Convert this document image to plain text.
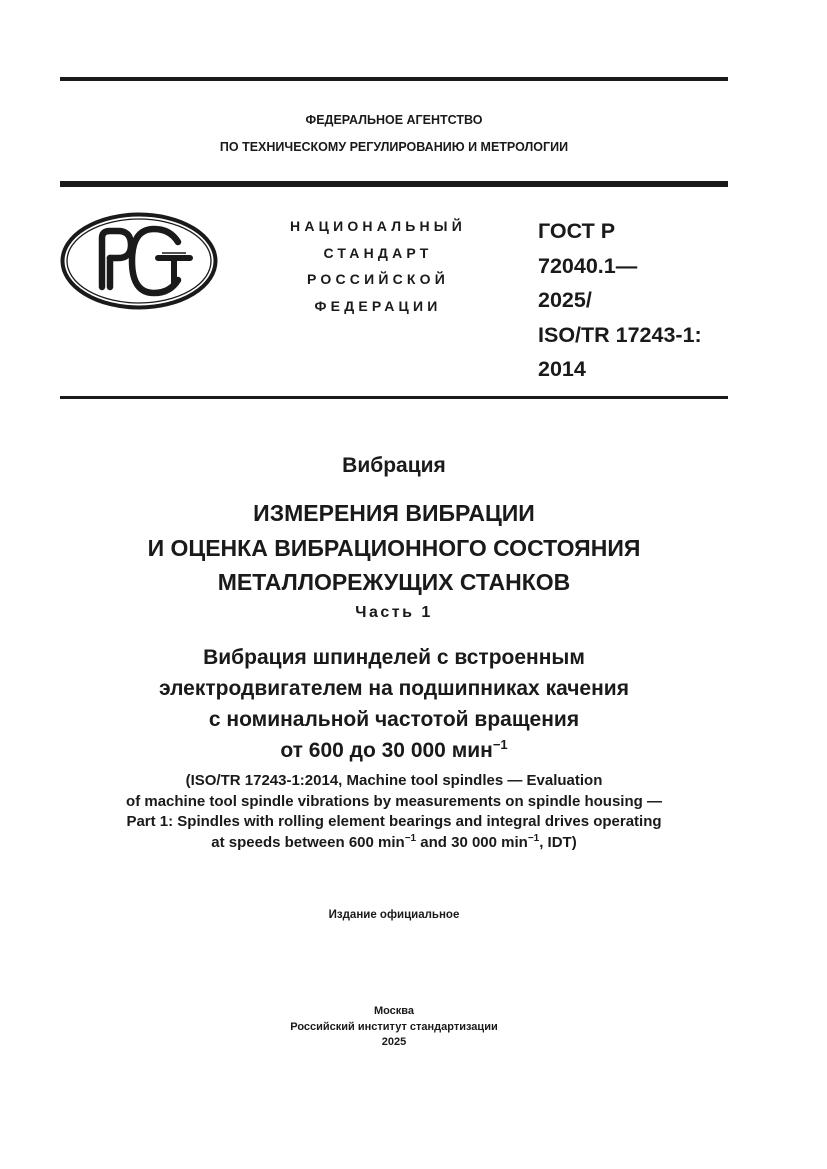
ФЕДЕРАЛЬНОЕ АГЕНТСТВО
ПО ТЕХНИЧЕСКОМУ РЕГУЛИРОВАНИЮ И МЕТРОЛОГИИ
НАЦИОНАЛЬНЫЙ
СТАНДАРТ
РОССИЙСКОЙ
ФЕДЕРАЦИИ
ГОСТ Р
72040.1—
2025/
ISO/TR 17243-1:
2014
Вибрация
ИЗМЕРЕНИЯ ВИБРАЦИИ
И ОЦЕНКА ВИБРАЦИОННОГО СОСТОЯНИЯ
МЕТАЛЛОРЕЖУЩИХ СТАНКОВ
Часть 1
Вибрация шпинделей с встроенным
электродвигателем на подшипниках качения
с номинальной частотой вращения
от 600 до 30 000 мин$^{-1}$
(ISO/TR 17243-1:2014, Machine tool spindles — Evaluation
of machine tool spindle vibrations by measurements on spindle housing —
Part 1: Spindles with rolling element bearings and integral drives operating
at speeds between 600 $\min^{-1}$ and 30 000 $\min^{-1}$, IDT)
Издание официальное
Москва
Российский институт стандартизации
2025
